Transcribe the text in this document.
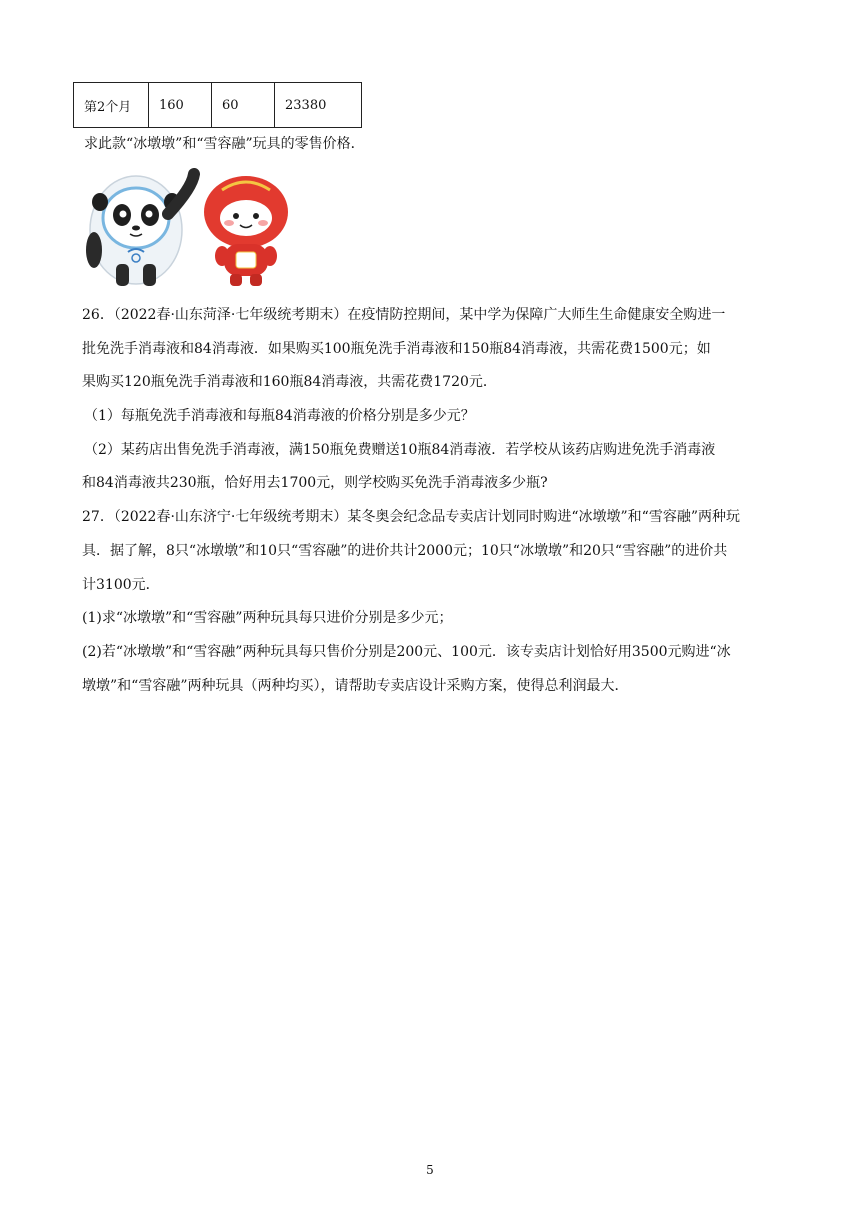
第2个月	160	60	23380
求此款“冰墩墩”和“雪容融”玩具的零售价格．
26．（2022春·山东菏泽·七年级统考期末）在疫情防控期间，某中学为保障广大师生生命健康安全购进一
批免洗手消毒液和84消毒液．如果购买100瓶免洗手消毒液和150瓶84消毒液，共需花费1500元；如
果购买120瓶免洗手消毒液和160瓶84消毒液，共需花费1720元．
（1）每瓶免洗手消毒液和每瓶84消毒液的价格分别是多少元？
（2）某药店出售免洗手消毒液，满150瓶免费赠送10瓶84消毒液．若学校从该药店购进免洗手消毒液
和84消毒液共230瓶，恰好用去1700元，则学校购买免洗手消毒液多少瓶?
27．（2022春·山东济宁·七年级统考期末）某冬奥会纪念品专卖店计划同时购进“冰墩墩”和“雪容融”两种玩
具．据了解，8只“冰墩墩”和10只“雪容融”的进价共计2000元；10只“冰墩墩”和20只“雪容融”的进价共
计3100元．
(1)求“冰墩墩”和“雪容融”两种玩具每只进价分别是多少元；
(2)若“冰墩墩”和“雪容融”两种玩具每只售价分别是200元、100元．该专卖店计划恰好用3500元购进“冰
墩墩”和“雪容融”两种玩具（两种均买），请帮助专卖店设计采购方案，使得总利润最大．
5
